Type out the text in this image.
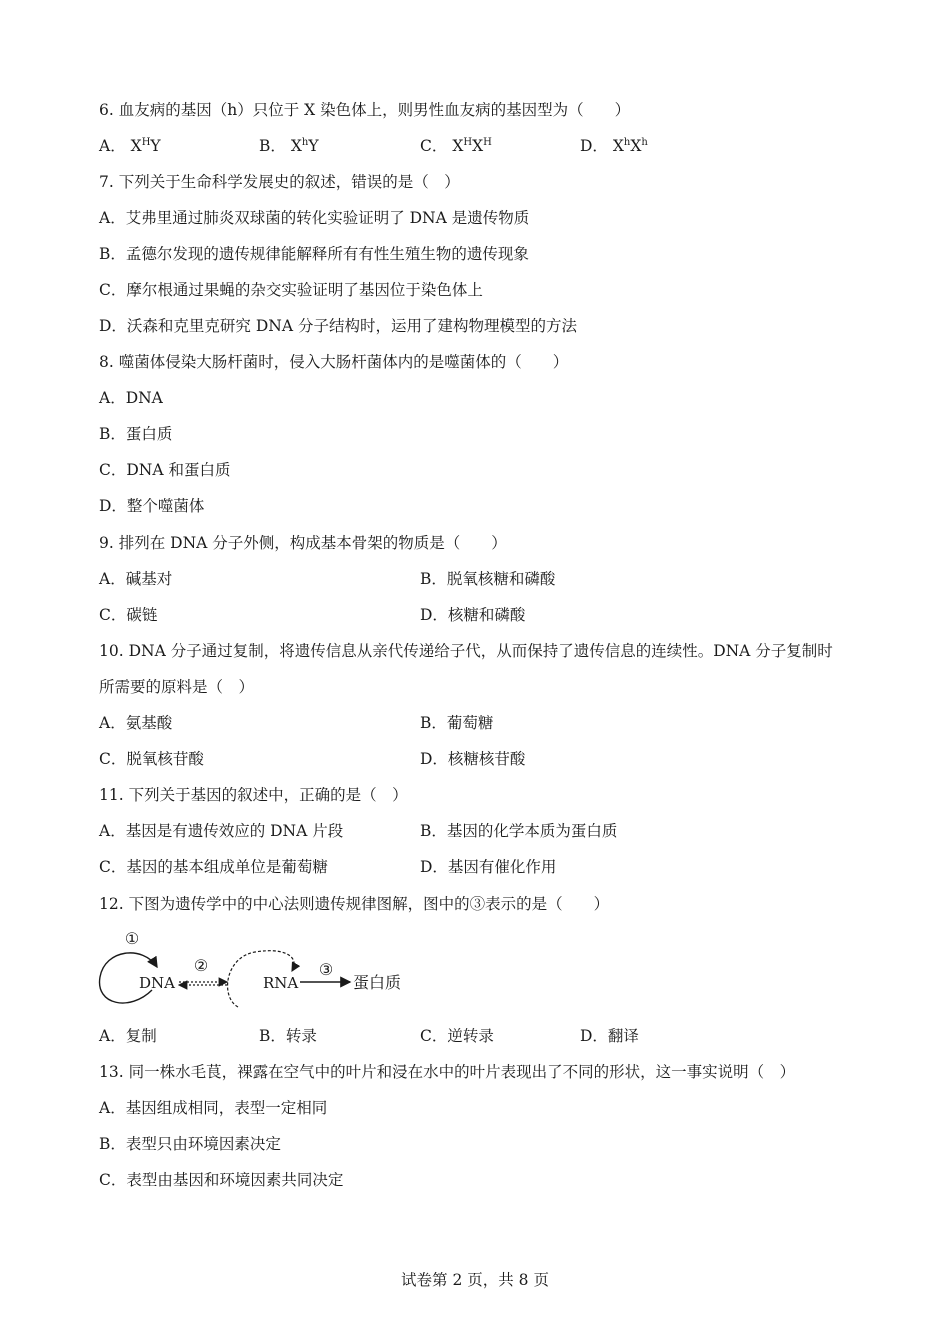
6. 血友病的基因（h）只位于 X 染色体上，则男性血友病的基因型为（　　）
A． $X^HY$	B． $X^hY$	C． $X^HX^H$	D． $X^hX^h$
7. 下列关于生命科学发展史的叙述，错误的是（　）
A．艾弗里通过肺炎双球菌的转化实验证明了 DNA 是遗传物质
B．孟德尔发现的遗传规律能解释所有有性生殖生物的遗传现象
C．摩尔根通过果蝇的杂交实验证明了基因位于染色体上
D．沃森和克里克研究 DNA 分子结构时，运用了建构物理模型的方法
8. 噬菌体侵染大肠杆菌时，侵入大肠杆菌体内的是噬菌体的（　　）
A．DNA
B．蛋白质
C．DNA 和蛋白质
D．整个噬菌体
9. 排列在 DNA 分子外侧，构成基本骨架的物质是（　　）
A．碱基对	B．脱氧核糖和磷酸
C．碳链	D．核糖和磷酸
10. DNA 分子通过复制，将遗传信息从亲代传递给子代，从而保持了遗传信息的连续性。DNA 分子复制时
所需要的原料是（　）
A．氨基酸	B．葡萄糖
C．脱氧核苷酸	D．核糖核苷酸
11. 下列关于基因的叙述中，正确的是（　）
A．基因是有遗传效应的 DNA 片段	B．基因的化学本质为蛋白质
C．基因的基本组成单位是葡萄糖	D．基因有催化作用
12. 下图为遗传学中的中心法则遗传规律图解，图中的③表示的是（　　）
①
DNA
②
RNA
③
蛋白质
A．复制	B．转录	C．逆转录	D．翻译
13. 同一株水毛茛，裸露在空气中的叶片和浸在水中的叶片表现出了不同的形状，这一事实说明（　）
A．基因组成相同，表型一定相同
B．表型只由环境因素决定
C．表型由基因和环境因素共同决定
试卷第 2 页，共 8 页
